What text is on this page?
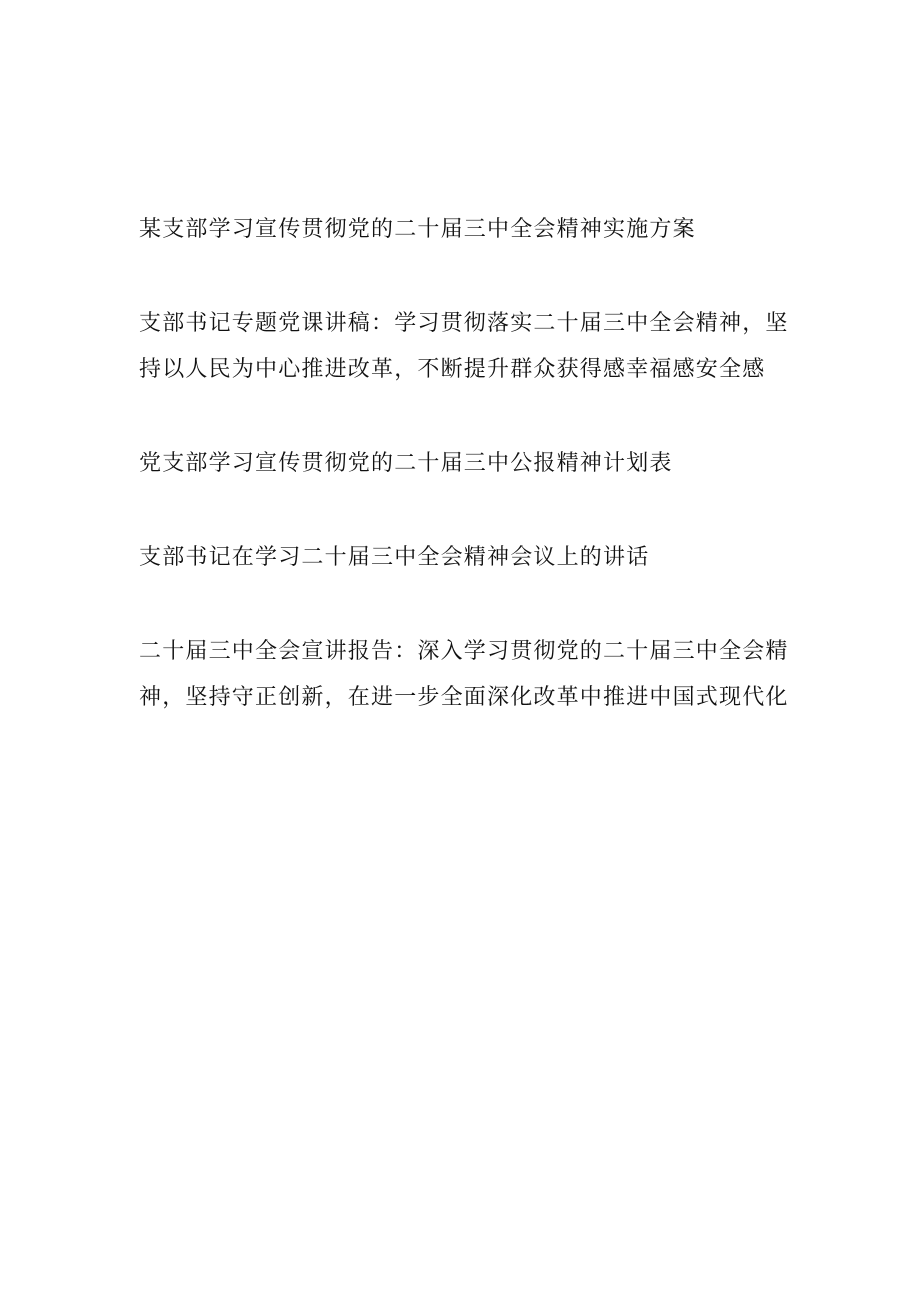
某支部学习宣传贯彻党的二十届三中全会精神实施方案

支部书记专题党课讲稿：学习贯彻落实二十届三中全会精神，坚
持以人民为中心推进改革，不断提升群众获得感幸福感安全感

党支部学习宣传贯彻党的二十届三中公报精神计划表

支部书记在学习二十届三中全会精神会议上的讲话

二十届三中全会宣讲报告：深入学习贯彻党的二十届三中全会精
神，坚持守正创新，在进一步全面深化改革中推进中国式现代化
